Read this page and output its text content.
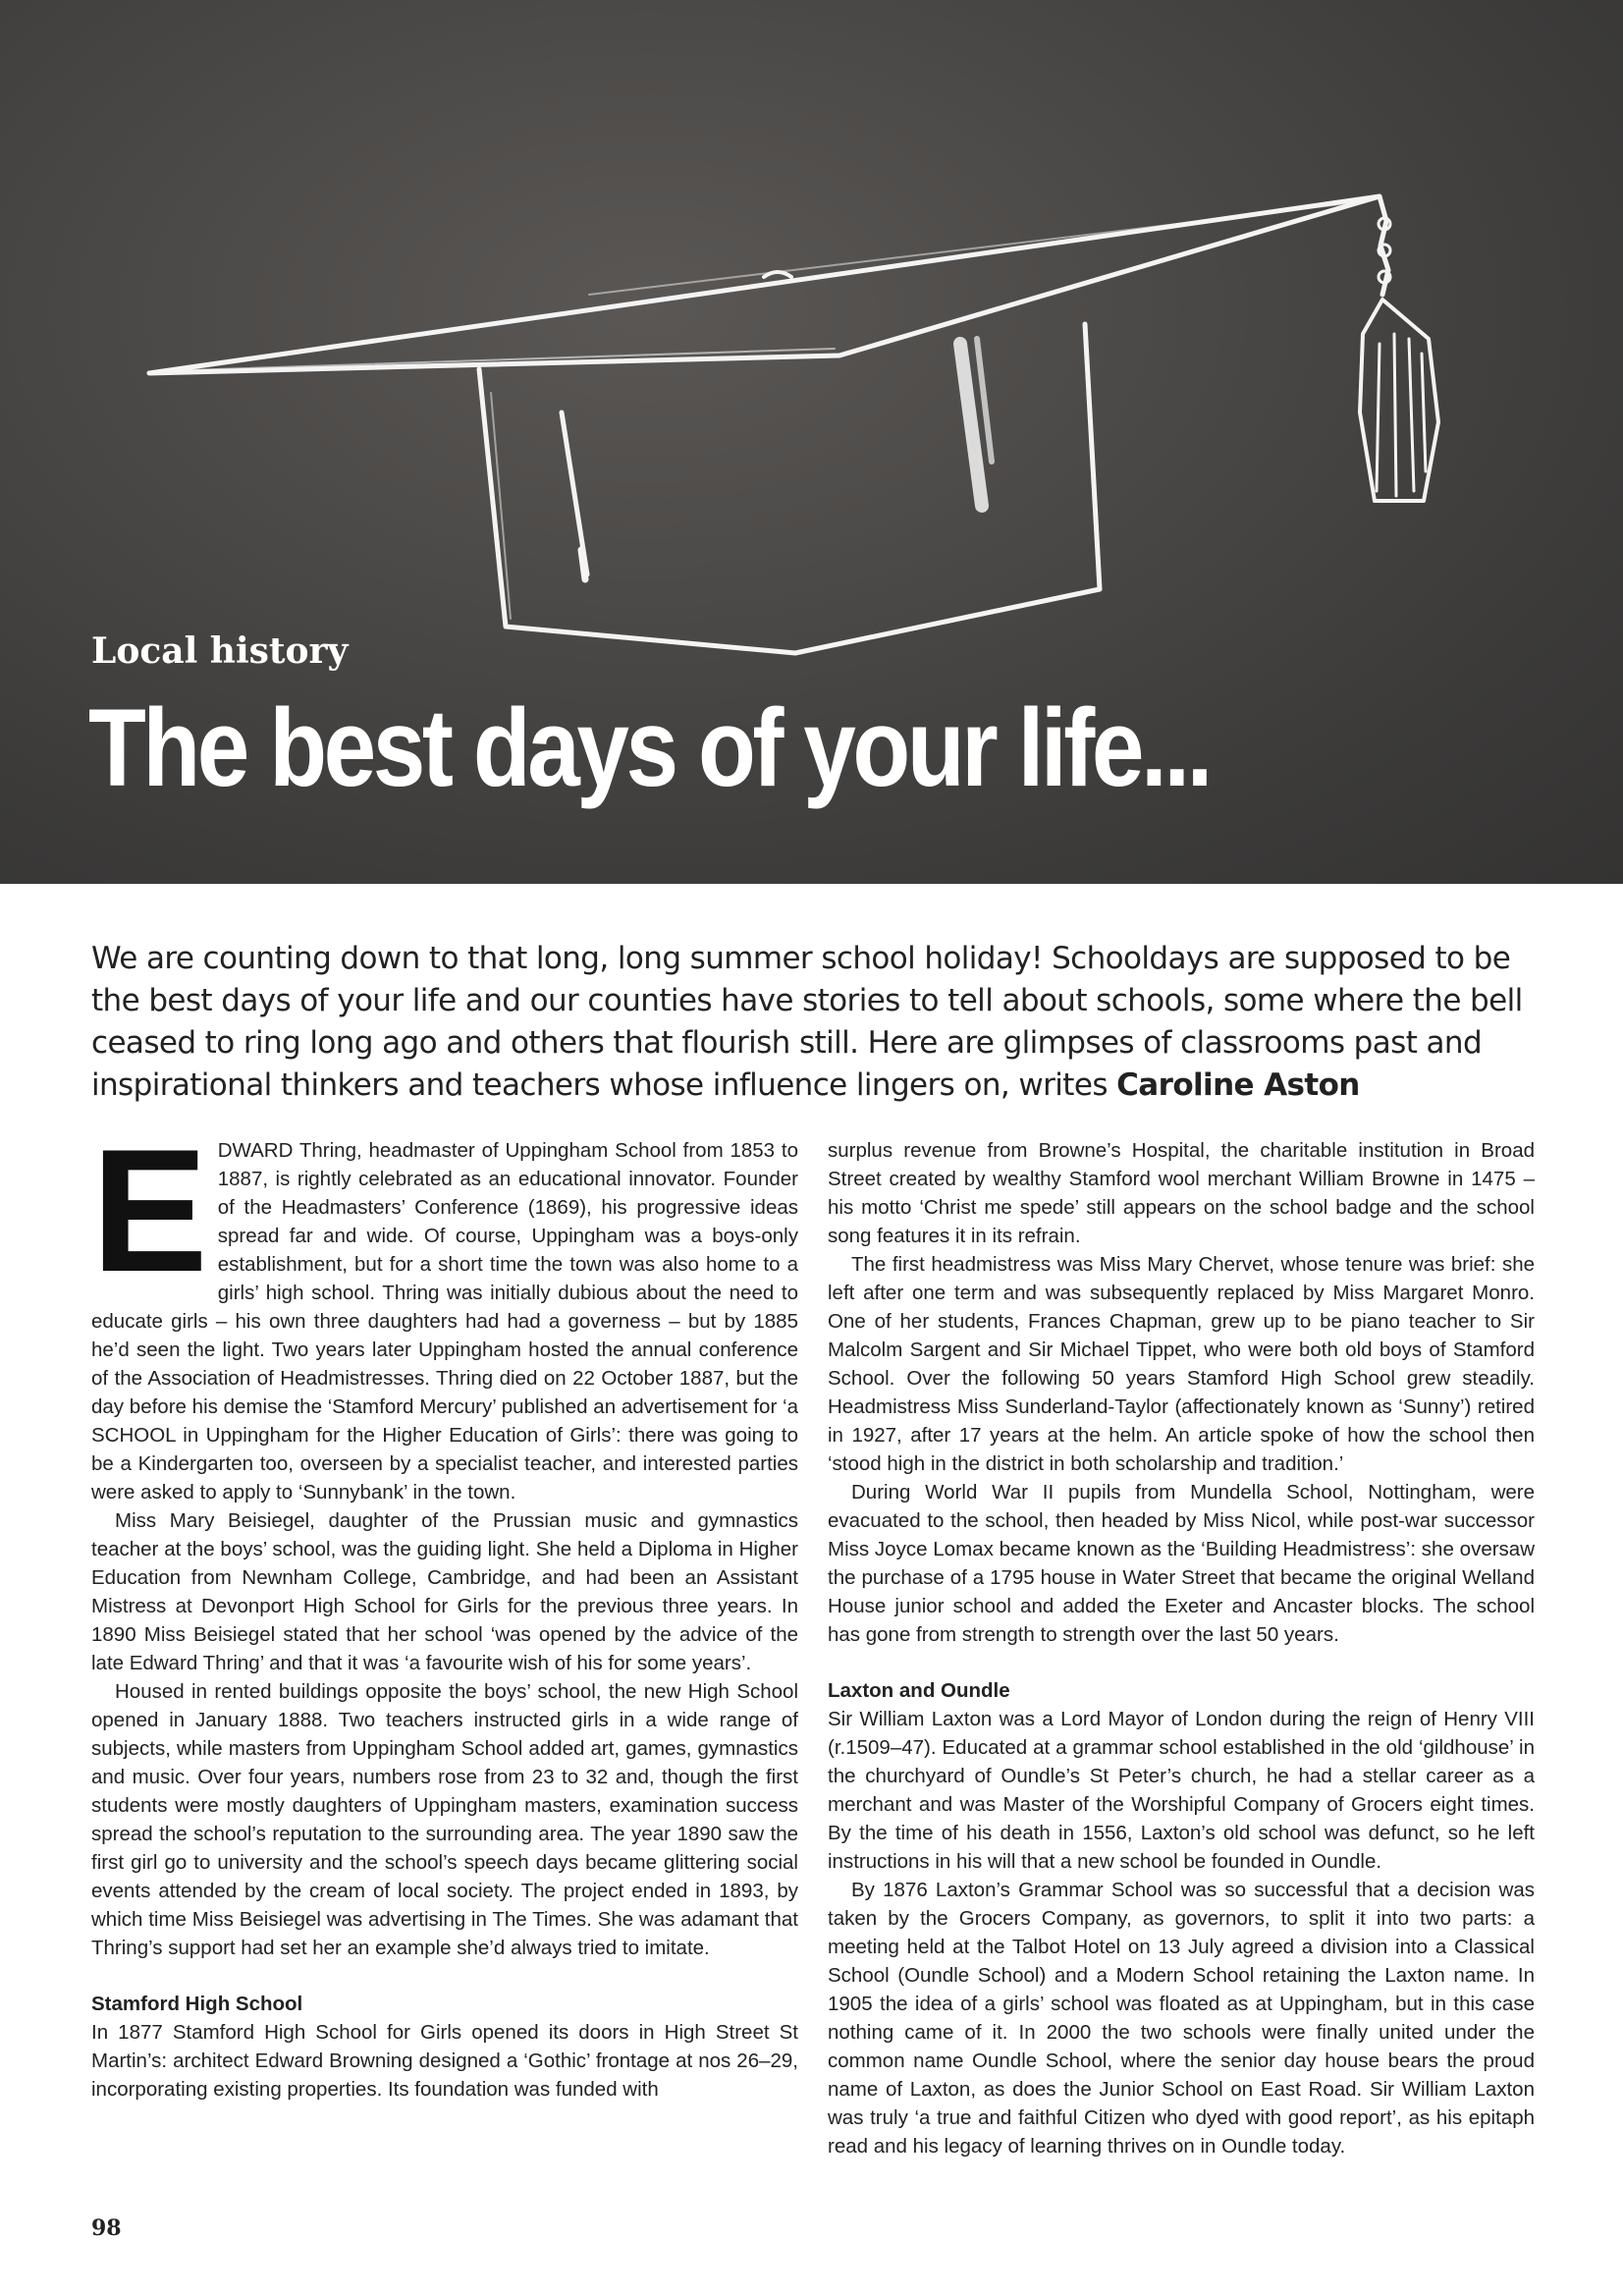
Local history
The best days of your life...
We are counting down to that long, long summer school holiday! Schooldays are supposed to be the best days of your life and our counties have stories to tell about schools, some where the bell ceased to ring long ago and others that flourish still. Here are glimpses of classrooms past and inspirational thinkers and teachers whose influence lingers on, writes Caroline Aston

EDWARD Thring, headmaster of Uppingham School from 1853 to 1887, is rightly celebrated as an educational innovator. Founder of the Headmasters’ Conference (1869), his progressive ideas spread far and wide. Of course, Uppingham was a boys-only establishment, but for a short time the town was also home to a girls’ high school. Thring was initially dubious about the need to educate girls – his own three daughters had had a governess – but by 1885 he’d seen the light. Two years later Uppingham hosted the annual conference of the Association of Headmistresses. Thring died on 22 October 1887, but the day before his demise the ‘Stamford Mercury’ published an advertisement for ‘a SCHOOL in Uppingham for the Higher Education of Girls’: there was going to be a Kindergarten too, overseen by a specialist teacher, and interested parties were asked to apply to ‘Sunnybank’ in the town.

Miss Mary Beisiegel, daughter of the Prussian music and gymnastics teacher at the boys’ school, was the guiding light. She held a Diploma in Higher Education from Newnham College, Cambridge, and had been an Assistant Mistress at Devonport High School for Girls for the previous three years. In 1890 Miss Beisiegel stated that her school ‘was opened by the advice of the late Edward Thring’ and that it was ‘a favourite wish of his for some years’.

Housed in rented buildings opposite the boys’ school, the new High School opened in January 1888. Two teachers instructed girls in a wide range of subjects, while masters from Uppingham School added art, games, gymnastics and music. Over four years, numbers rose from 23 to 32 and, though the first students were mostly daughters of Uppingham masters, examination success spread the school’s reputation to the surrounding area. The year 1890 saw the first girl go to university and the school’s speech days became glittering social events attended by the cream of local society. The project ended in 1893, by which time Miss Beisiegel was advertising in The Times. She was adamant that Thring’s support had set her an example she’d always tried to imitate.

Stamford High School

In 1877 Stamford High School for Girls opened its doors in High Street St Martin’s: architect Edward Browning designed a ‘Gothic’ frontage at nos 26–29, incorporating existing properties. Its foundation was funded with

surplus revenue from Browne’s Hospital, the charitable institution in Broad Street created by wealthy Stamford wool merchant William Browne in 1475 – his motto ‘Christ me spede’ still appears on the school badge and the school song features it in its refrain.

The first headmistress was Miss Mary Chervet, whose tenure was brief: she left after one term and was subsequently replaced by Miss Margaret Monro. One of her students, Frances Chapman, grew up to be piano teacher to Sir Malcolm Sargent and Sir Michael Tippet, who were both old boys of Stamford School. Over the following 50 years Stamford High School grew steadily. Headmistress Miss Sunderland-Taylor (affectionately known as ‘Sunny’) retired in 1927, after 17 years at the helm. An article spoke of how the school then ‘stood high in the district in both scholarship and tradition.’

During World War II pupils from Mundella School, Nottingham, were evacuated to the school, then headed by Miss Nicol, while post-war successor Miss Joyce Lomax became known as the ‘Building Headmistress’: she oversaw the purchase of a 1795 house in Water Street that became the original Welland House junior school and added the Exeter and Ancaster blocks. The school has gone from strength to strength over the last 50 years.

Laxton and Oundle

Sir William Laxton was a Lord Mayor of London during the reign of Henry VIII (r.1509–47). Educated at a grammar school established in the old ‘gildhouse’ in the churchyard of Oundle’s St Peter’s church, he had a stellar career as a merchant and was Master of the Worshipful Company of Grocers eight times. By the time of his death in 1556, Laxton’s old school was defunct, so he left instructions in his will that a new school be founded in Oundle.

By 1876 Laxton’s Grammar School was so successful that a decision was taken by the Grocers Company, as governors, to split it into two parts: a meeting held at the Talbot Hotel on 13 July agreed a division into a Classical School (Oundle School) and a Modern School retaining the Laxton name. In 1905 the idea of a girls’ school was floated as at Uppingham, but in this case nothing came of it. In 2000 the two schools were finally united under the common name Oundle School, where the senior day house bears the proud name of Laxton, as does the Junior School on East Road. Sir William Laxton was truly ‘a true and faithful Citizen who dyed with good report’, as his epitaph read and his legacy of learning thrives on in Oundle today.

98
